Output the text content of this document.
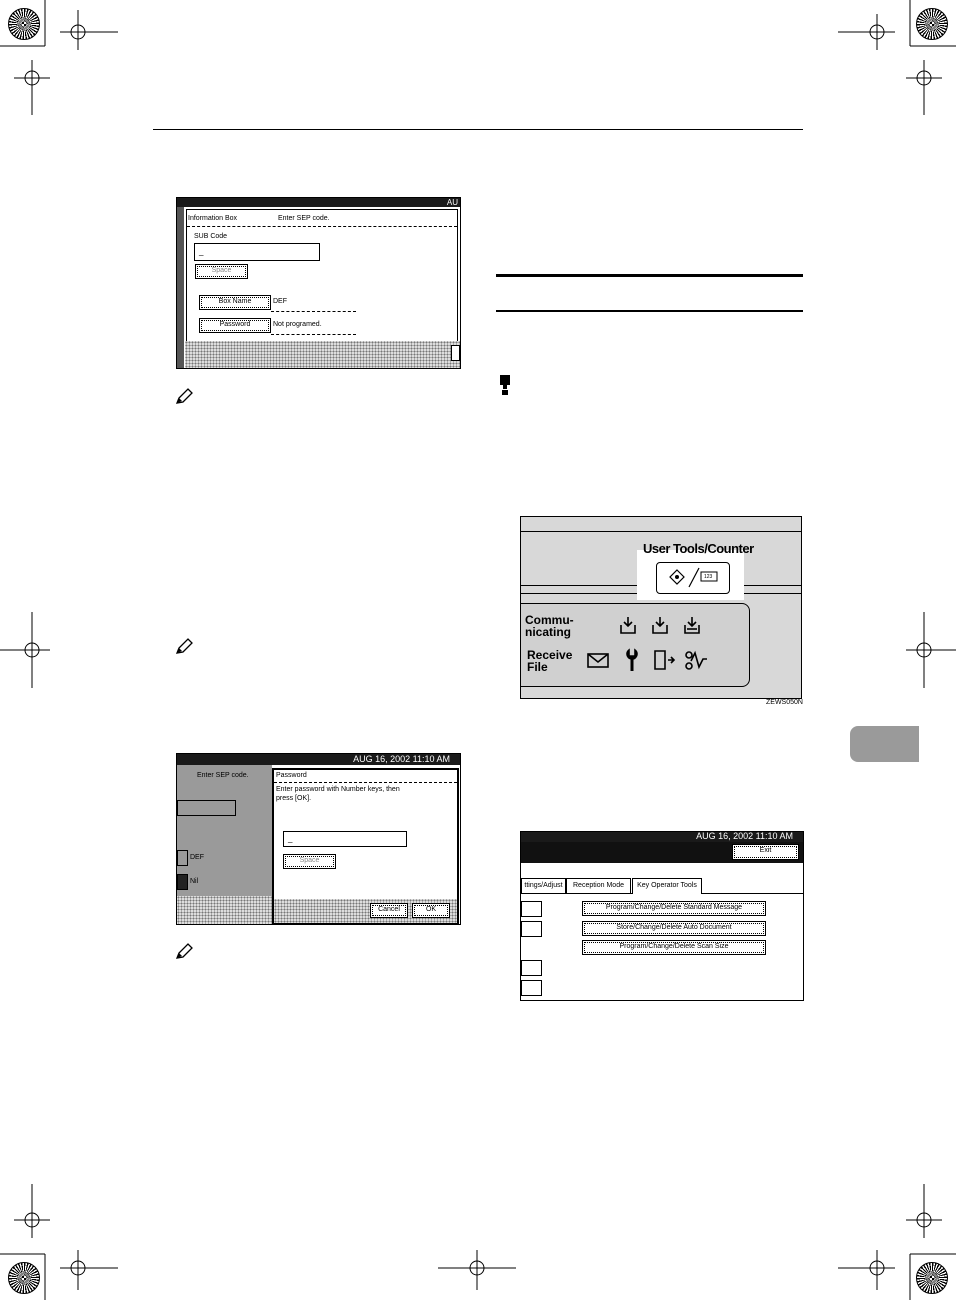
AU
Information Box	Enter SEP code.
SUB Code
_
Space
Box Name	DEF
Password	Not programed.
AUG 16, 2002 11:10 AM
Enter SEP code.
DEF
Nil
Password
Enter password with Number keys, then
press [OK].
_
Space
Cancel	OK
User Tools/Counter
123
Commu-
nicating
Receive
File
ZEWS050N
AUG 16, 2002 11:10 AM
Exit
ttings/Adjust	Reception Mode	Key Operator Tools
Program/Change/Delete Standard Message
Store/Change/Delete Auto Document
Program/Change/Delete Scan Size
